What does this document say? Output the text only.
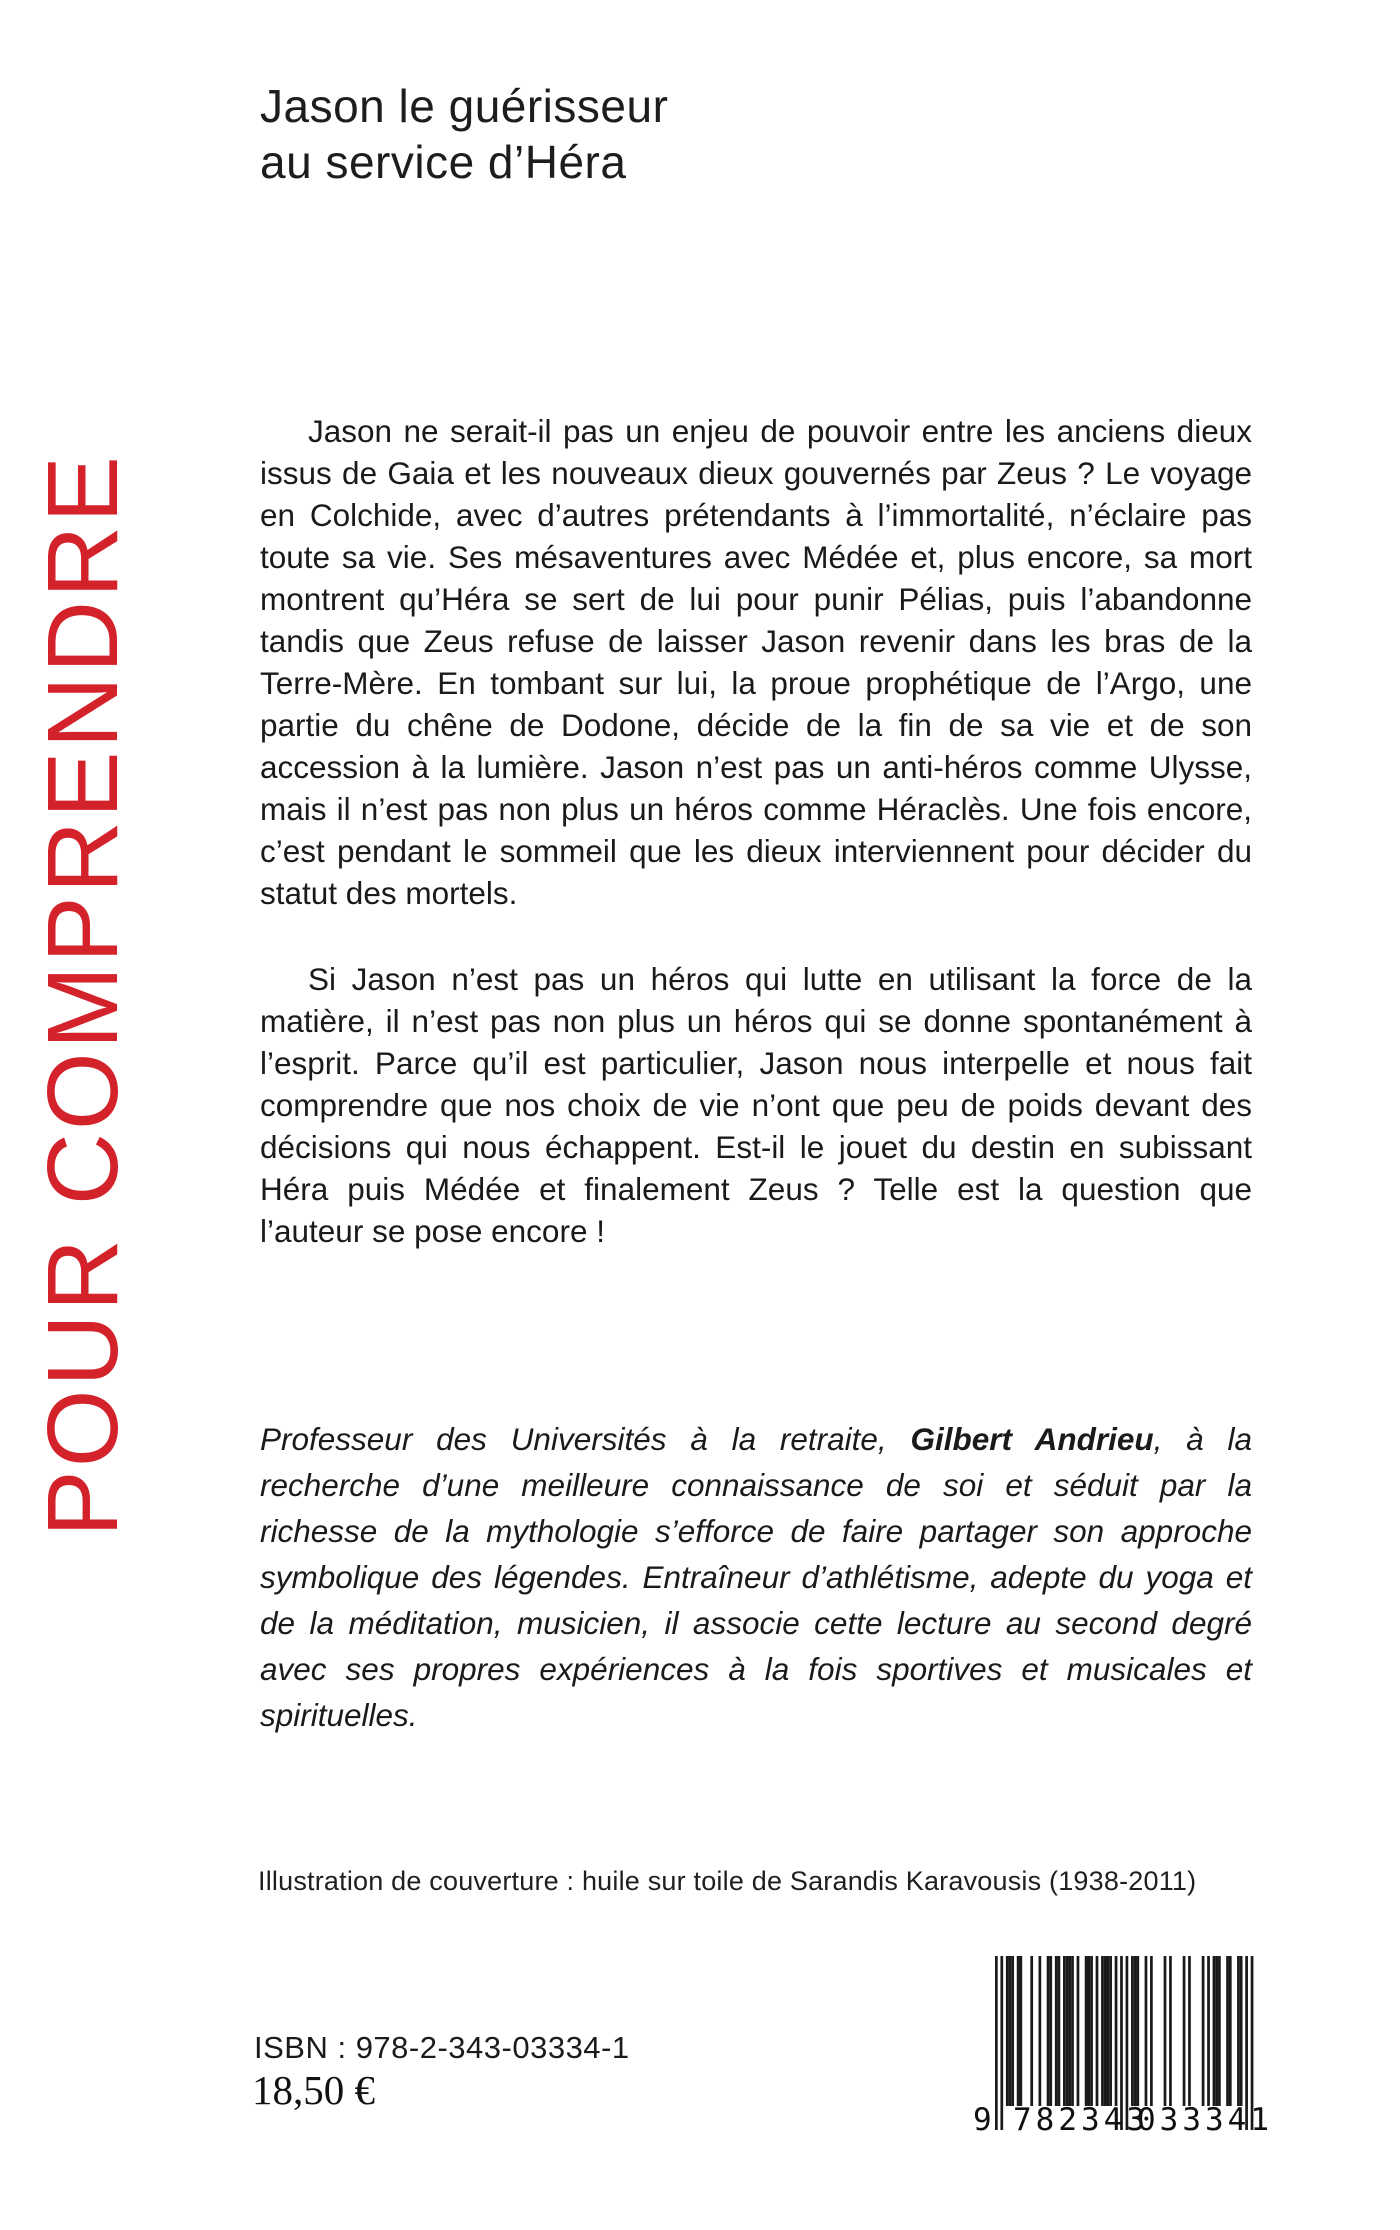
POUR COMPRENDRE
Jason le guérisseur
au service d’Héra

Jason ne serait-il pas un enjeu de pouvoir entre les anciens dieux issus de Gaia et les nouveaux dieux gouvernés par Zeus ? Le voyage en Colchide, avec d’autres prétendants à l’immortalité, n’éclaire pas toute sa vie. Ses mésaventures avec Médée et, plus encore, sa mort montrent qu’Héra se sert de lui pour punir Pélias, puis l’abandonne tandis que Zeus refuse de laisser Jason revenir dans les bras de la Terre-Mère. En tombant sur lui, la proue prophétique de l’Argo, une partie du chêne de Dodone, décide de la fin de sa vie et de son accession à la lumière. Jason n’est pas un anti-héros comme Ulysse, mais il n’est pas non plus un héros comme Héraclès. Une fois encore, c’est pendant le sommeil que les dieux interviennent pour décider du statut des mortels.

Si Jason n’est pas un héros qui lutte en utilisant la force de la matière, il n’est pas non plus un héros qui se donne spontanément à l’esprit. Parce qu’il est particulier, Jason nous interpelle et nous fait comprendre que nos choix de vie n’ont que peu de poids devant des décisions qui nous échappent. Est-il le jouet du destin en subissant Héra puis Médée et finalement Zeus ? Telle est la question que l’auteur se pose encore !

Professeur des Universités à la retraite, Gilbert Andrieu, à la recherche d’une meilleure connaissance de soi et séduit par la richesse de la mythologie s’efforce de faire partager son approche symbolique des légendes. Entraîneur d’athlétisme, adepte du yoga et de la méditation, musicien, il associe cette lecture au second degré avec ses propres expériences à la fois sportives et musicales et spirituelles.
Illustration de couverture : huile sur toile de Sarandis Karavousis (1938-2011)
ISBN : 978-2-343-03334-1
18,50 €
9 782343
033341
